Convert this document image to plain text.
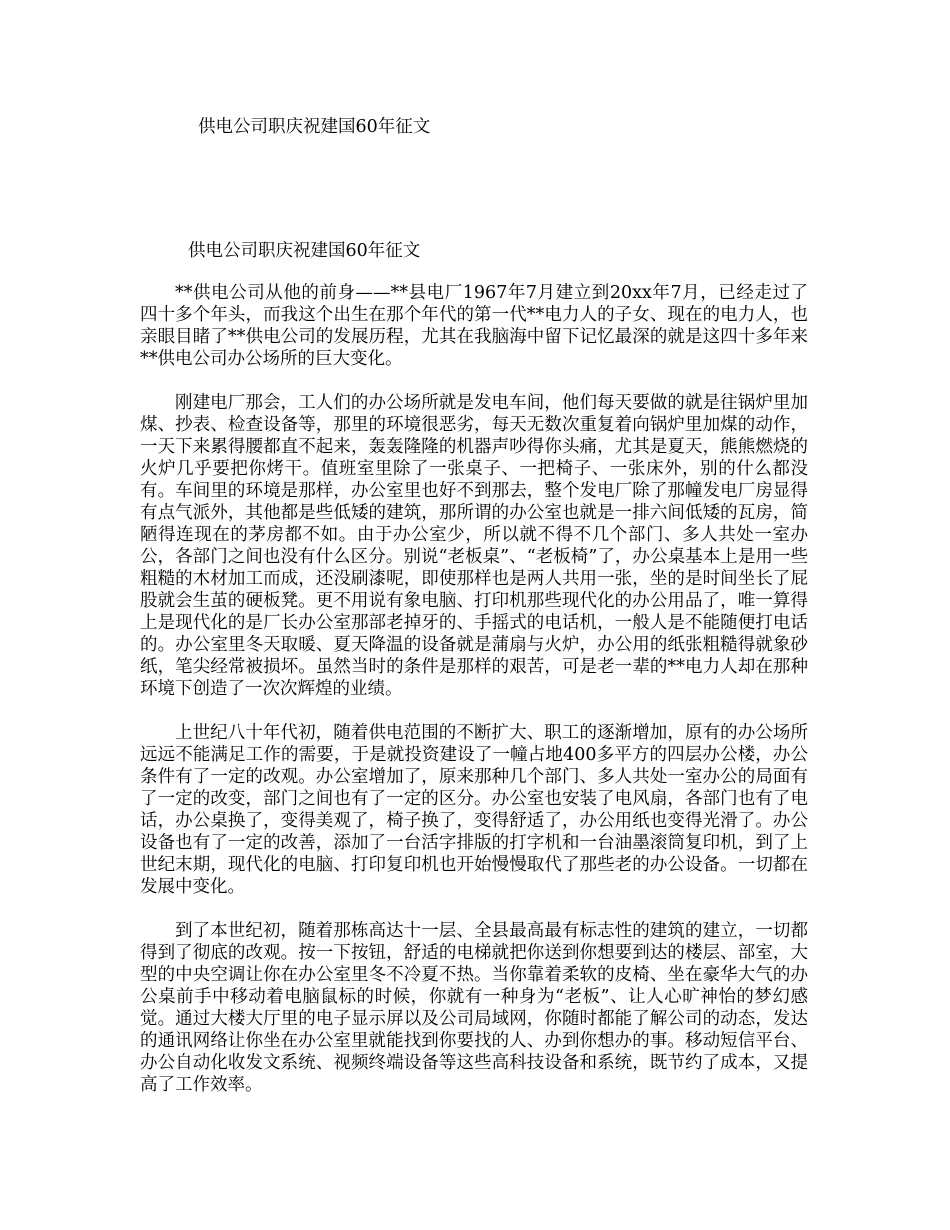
供电公司职庆祝建国60年征文
供电公司职庆祝建国60年征文

**供电公司从他的前身——**县电厂1967年7月建立到20xx年7月，已经走过了四十多个年头，而我这个出生在那个年代的第一代**电力人的子女、现在的电力人，也亲眼目睹了**供电公司的发展历程，尤其在我脑海中留下记忆最深的就是这四十多年来**供电公司办公场所的巨大变化。

刚建电厂那会，工人们的办公场所就是发电车间，他们每天要做的就是往锅炉里加煤、抄表、检查设备等，那里的环境很恶劣，每天无数次重复着向锅炉里加煤的动作，一天下来累得腰都直不起来，轰轰隆隆的机器声吵得你头痛，尤其是夏天，熊熊燃烧的火炉几乎要把你烤干。值班室里除了一张桌子、一把椅子、一张床外，别的什么都没有。车间里的环境是那样，办公室里也好不到那去，整个发电厂除了那幢发电厂房显得有点气派外，其他都是些低矮的建筑，那所谓的办公室也就是一排六间低矮的瓦房，简陋得连现在的茅房都不如。由于办公室少，所以就不得不几个部门、多人共处一室办公，各部门之间也没有什么区分。别说“老板桌”、“老板椅”了，办公桌基本上是用一些粗糙的木材加工而成，还没刷漆呢，即使那样也是两人共用一张，坐的是时间坐长了屁股就会生茧的硬板凳。更不用说有象电脑、打印机那些现代化的办公用品了，唯一算得上是现代化的是厂长办公室那部老掉牙的、手摇式的电话机，一般人是不能随便打电话的。办公室里冬天取暖、夏天降温的设备就是蒲扇与火炉，办公用的纸张粗糙得就象砂纸，笔尖经常被损坏。虽然当时的条件是那样的艰苦，可是老一辈的**电力人却在那种环境下创造了一次次辉煌的业绩。

上世纪八十年代初，随着供电范围的不断扩大、职工的逐渐增加，原有的办公场所远远不能满足工作的需要，于是就投资建设了一幢占地400多平方的四层办公楼，办公条件有了一定的改观。办公室增加了，原来那种几个部门、多人共处一室办公的局面有了一定的改变，部门之间也有了一定的区分。办公室也安装了电风扇，各部门也有了电话，办公桌换了，变得美观了，椅子换了，变得舒适了，办公用纸也变得光滑了。办公设备也有了一定的改善，添加了一台活字排版的打字机和一台油墨滚筒复印机，到了上世纪末期，现代化的电脑、打印复印机也开始慢慢取代了那些老的办公设备。一切都在发展中变化。

到了本世纪初，随着那栋高达十一层、全县最高最有标志性的建筑的建立，一切都得到了彻底的改观。按一下按钮，舒适的电梯就把你送到你想要到达的楼层、部室，大型的中央空调让你在办公室里冬不冷夏不热。当你靠着柔软的皮椅、坐在豪华大气的办公桌前手中移动着电脑鼠标的时候，你就有一种身为“老板”、让人心旷神怡的梦幻感觉。通过大楼大厅里的电子显示屏以及公司局域网，你随时都能了解公司的动态，发达的通讯网络让你坐在办公室里就能找到你要找的人、办到你想办的事。移动短信平台、办公自动化收发文系统、视频终端设备等这些高科技设备和系统，既节约了成本，又提高了工作效率。
